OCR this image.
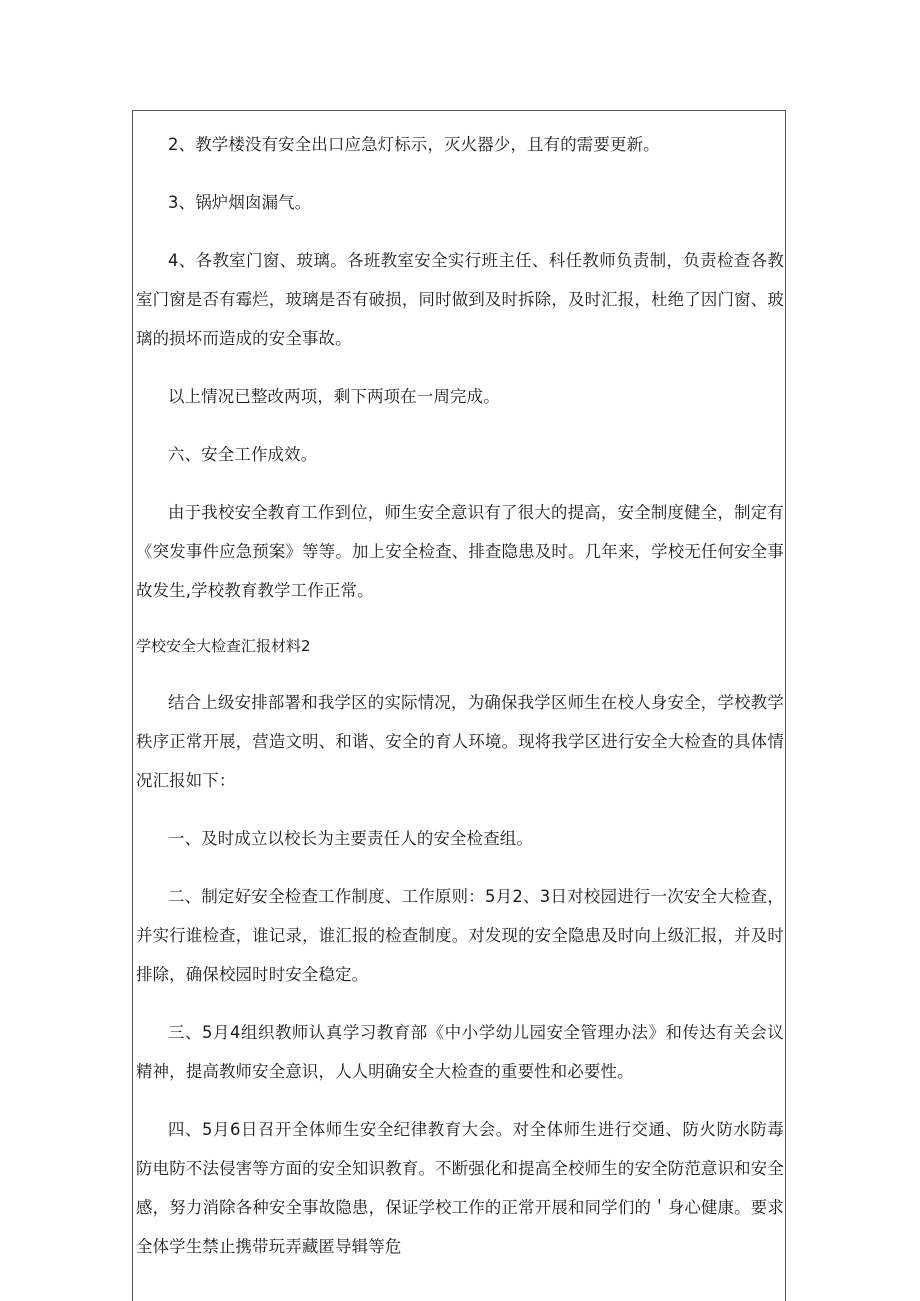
2、教学楼没有安全出口应急灯标示，灭火器少，且有的需要更新。

3、锅炉烟囱漏气。

4、各教室门窗、玻璃。各班教室安全实行班主任、科任教师负责制，负责检查各教室门窗是否有霉烂，玻璃是否有破损，同时做到及时拆除，及时汇报，杜绝了因门窗、玻璃的损坏而造成的安全事故。

以上情况已整改两项，剩下两项在一周完成。

六、安全工作成效。

由于我校安全教育工作到位，师生安全意识有了很大的提高，安全制度健全，制定有《突发事件应急预案》等等。加上安全检查、排查隐患及时。几年来，学校无任何安全事故发生,学校教育教学工作正常。

学校安全大检查汇报材料2

结合上级安排部署和我学区的实际情况，为确保我学区师生在校人身安全，学校教学秩序正常开展，营造文明、和谐、安全的育人环境。现将我学区进行安全大检查的具体情况汇报如下：

一、及时成立以校长为主要责任人的安全检查组。

二、制定好安全检查工作制度、工作原则：5月2、3日对校园进行一次安全大检查，并实行谁检查，谁记录，谁汇报的检查制度。对发现的安全隐患及时向上级汇报，并及时排除，确保校园时时安全稳定。

三、5月4组织教师认真学习教育部《中小学幼儿园安全管理办法》和传达有关会议精神，提高教师安全意识，人人明确安全大检查的重要性和必要性。

四、5月6日召开全体师生安全纪律教育大会。对全体师生进行交通、防火防水防毒防电防不法侵害等方面的安全知识教育。不断强化和提高全校师生的安全防范意识和安全感，努力消除各种安全事故隐患，保证学校工作的正常开展和同学们的＇身心健康。要求全体学生禁止携带玩弄藏匿导辑等危
